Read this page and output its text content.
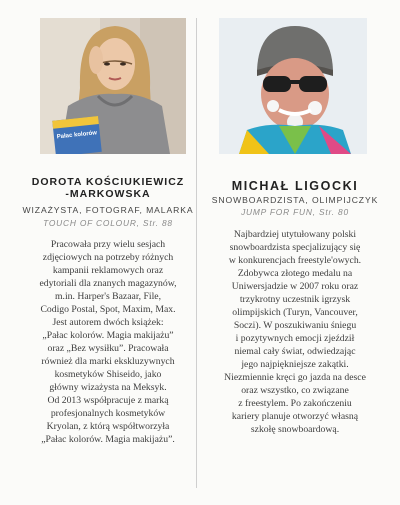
Pałac kolorów
DOROTA KOŚCIUKIEWICZ
-MARKOWSKA
WIZAŻYSTA, FOTOGRAF, MALARKA
TOUCH OF COLOUR, Str. 88
Pracowała przy wielu sesjach
zdjęciowych na potrzeby różnych
kampanii reklamowych oraz
edytoriali dla znanych magazynów,
m.in. Harper's Bazaar, File,
Codigo Postal, Spot, Maxim, Max.
Jest autorem dwóch książek:
„Pałac kolorów. Magia makijażu”
oraz „Bez wysiłku”. Pracowała
również dla marki ekskluzywnych
kosmetyków Shiseido, jako
główny wizażysta na Meksyk.
Od 2013 współpracuje z marką
profesjonalnych kosmetyków
Kryolan, z którą współtworzyła
„Pałac kolorów. Magia makijażu”.
MICHAŁ LIGOCKI
SNOWBOARDZISTA, OLIMPIJCZYK
JUMP FOR FUN, Str. 80
Najbardziej utytułowany polski
snowboardzista specjalizujący się
w konkurencjach freestyle'owych.
Zdobywca złotego medalu na
Uniwersjadzie w 2007 roku oraz
trzykrotny uczestnik igrzysk
olimpijskich (Turyn, Vancouver,
Soczi). W poszukiwaniu śniegu
i pozytywnych emocji zjeździł
niemal cały świat, odwiedzając
jego najpiękniejsze zakątki.
Niezmiennie kręci go jazda na desce
oraz wszystko, co związane
z freestylem. Po zakończeniu
kariery planuje otworzyć własną
szkołę snowboardową.
